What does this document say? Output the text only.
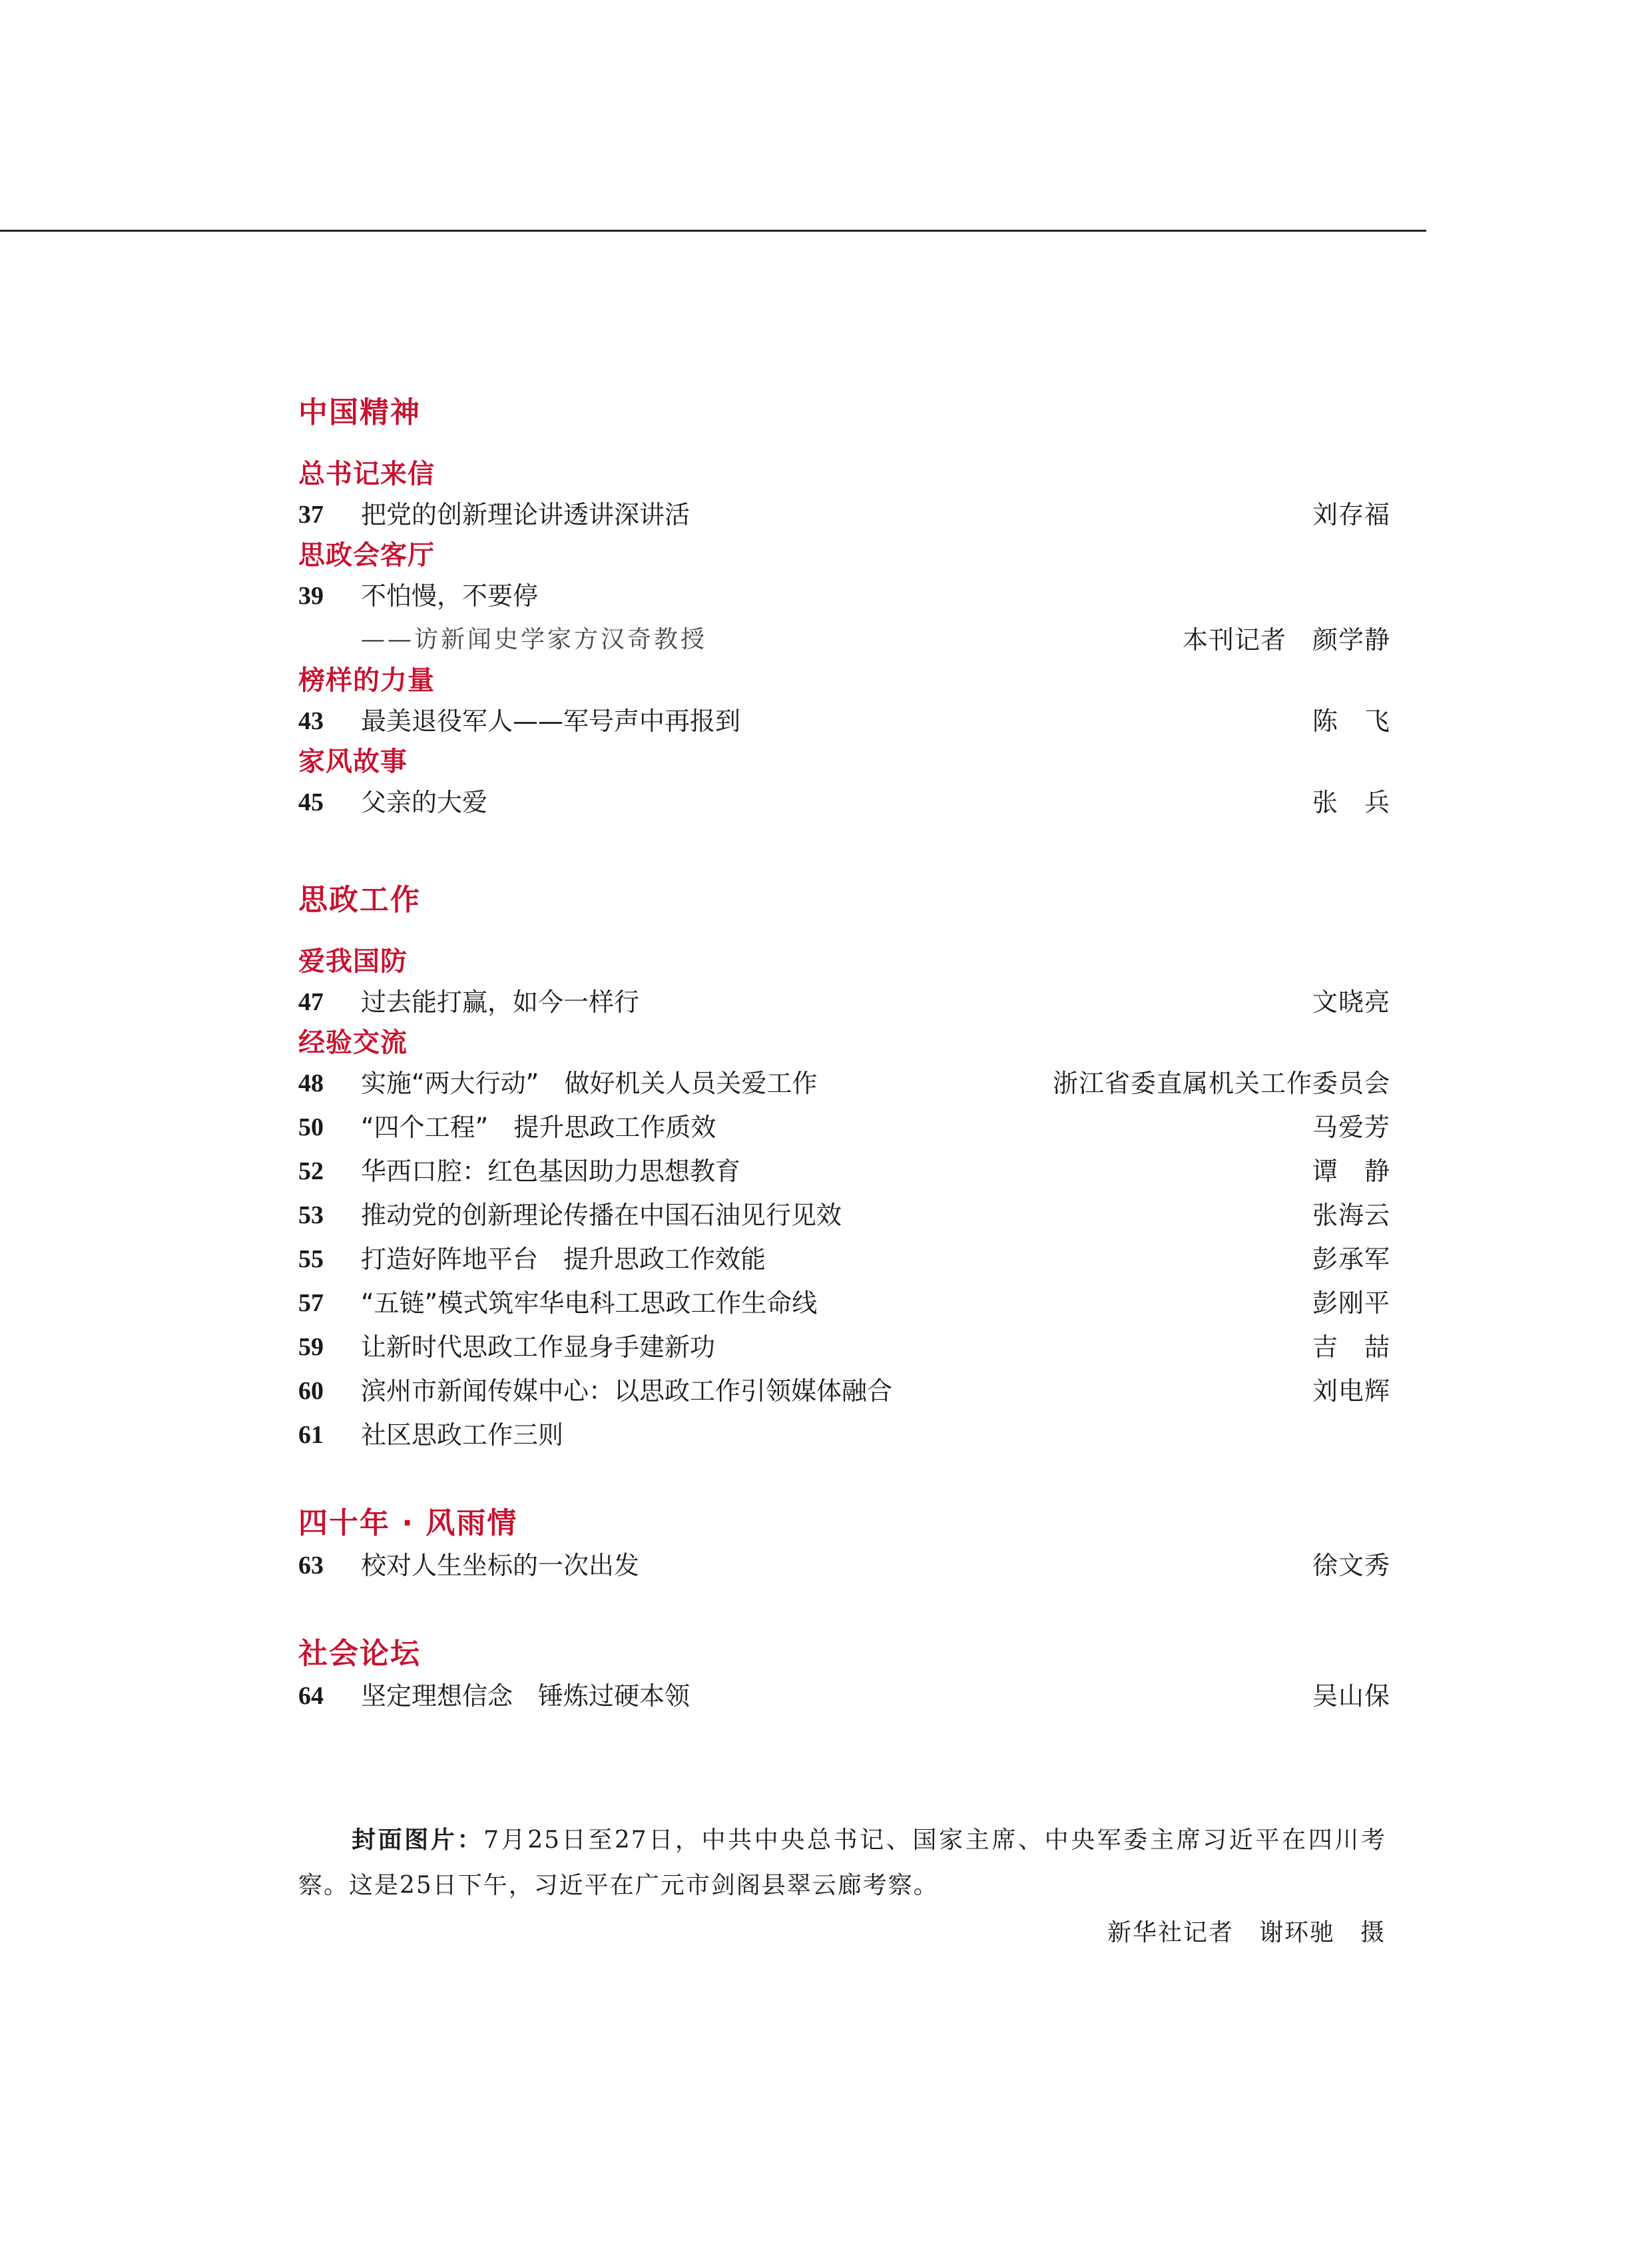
中国精神
总书记来信
37	把党的创新理论讲透讲深讲活	刘存福
思政会客厅
39	不怕慢，不要停
——访新闻史学家方汉奇教授	本刊记者　颜学静
榜样的力量
43	最美退役军人——军号声中再报到	陈　飞
家风故事
45	父亲的大爱	张　兵
思政工作
爱我国防
47	过去能打赢，如今一样行	文晓亮
经验交流
48	实施“两大行动”　做好机关人员关爱工作	浙江省委直属机关工作委员会
50	“四个工程”　提升思政工作质效	马爱芳
52	华西口腔：红色基因助力思想教育	谭　静
53	推动党的创新理论传播在中国石油见行见效	张海云
55	打造好阵地平台　提升思政工作效能	彭承军
57	“五链”模式筑牢华电科工思政工作生命线	彭刚平
59	让新时代思政工作显身手建新功	吉　喆
60	滨州市新闻传媒中心：以思政工作引领媒体融合	刘电辉
61	社区思政工作三则
四十年 · 风雨情
63	校对人生坐标的一次出发	徐文秀
社会论坛
64	坚定理想信念　锤炼过硬本领	吴山保
封面图片：7月25日至27日，中共中央总书记、国家主席、中央军委主席习近平在四川考察。这是25日下午，习近平在广元市剑阁县翠云廊考察。
新华社记者　谢环驰　摄
